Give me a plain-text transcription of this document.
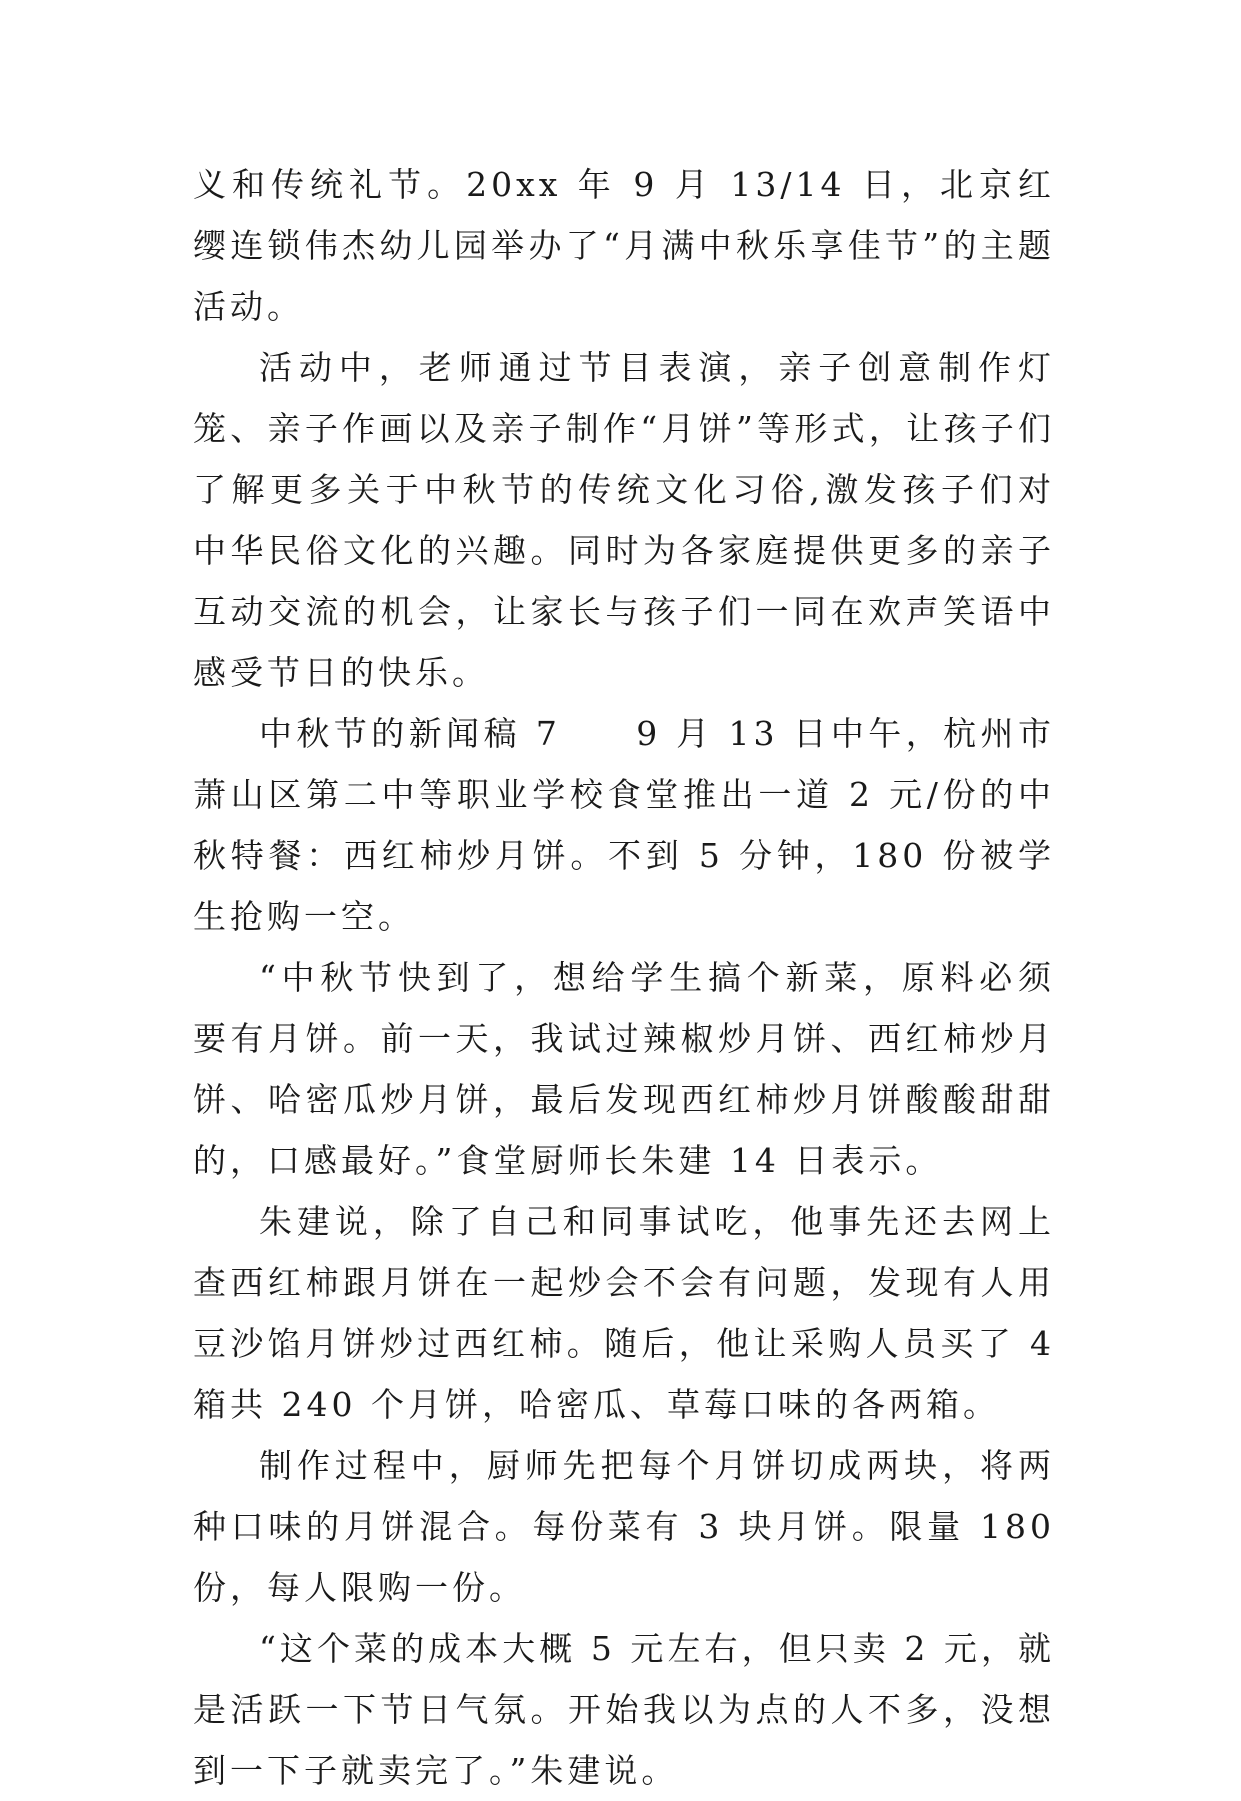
义和传统礼节。20xx 年 9 月 13/14 日，北京红缨连锁伟杰幼儿园举办了“月满中秋乐享佳节”的主题活动。

活动中，老师通过节目表演，亲子创意制作灯笼、亲子作画以及亲子制作“月饼”等形式，让孩子们了解更多关于中秋节的传统文化习俗,激发孩子们对中华民俗文化的兴趣。同时为各家庭提供更多的亲子互动交流的机会，让家长与孩子们一同在欢声笑语中感受节日的快乐。

中秋节的新闻稿 7　　9 月 13 日中午，杭州市萧山区第二中等职业学校食堂推出一道 2 元/份的中秋特餐：西红柿炒月饼。不到 5 分钟，180 份被学生抢购一空。

“中秋节快到了，想给学生搞个新菜，原料必须要有月饼。前一天，我试过辣椒炒月饼、西红柿炒月饼、哈密瓜炒月饼，最后发现西红柿炒月饼酸酸甜甜的，口感最好。”食堂厨师长朱建 14 日表示。

朱建说，除了自己和同事试吃，他事先还去网上查西红柿跟月饼在一起炒会不会有问题，发现有人用豆沙馅月饼炒过西红柿。随后，他让采购人员买了 4 箱共 240 个月饼，哈密瓜、草莓口味的各两箱。

制作过程中，厨师先把每个月饼切成两块，将两种口味的月饼混合。每份菜有 3 块月饼。限量 180 份，每人限购一份。

“这个菜的成本大概 5 元左右，但只卖 2 元，就是活跃一下节日气氛。开始我以为点的人不多，没想到一下子就卖完了。”朱建说。
